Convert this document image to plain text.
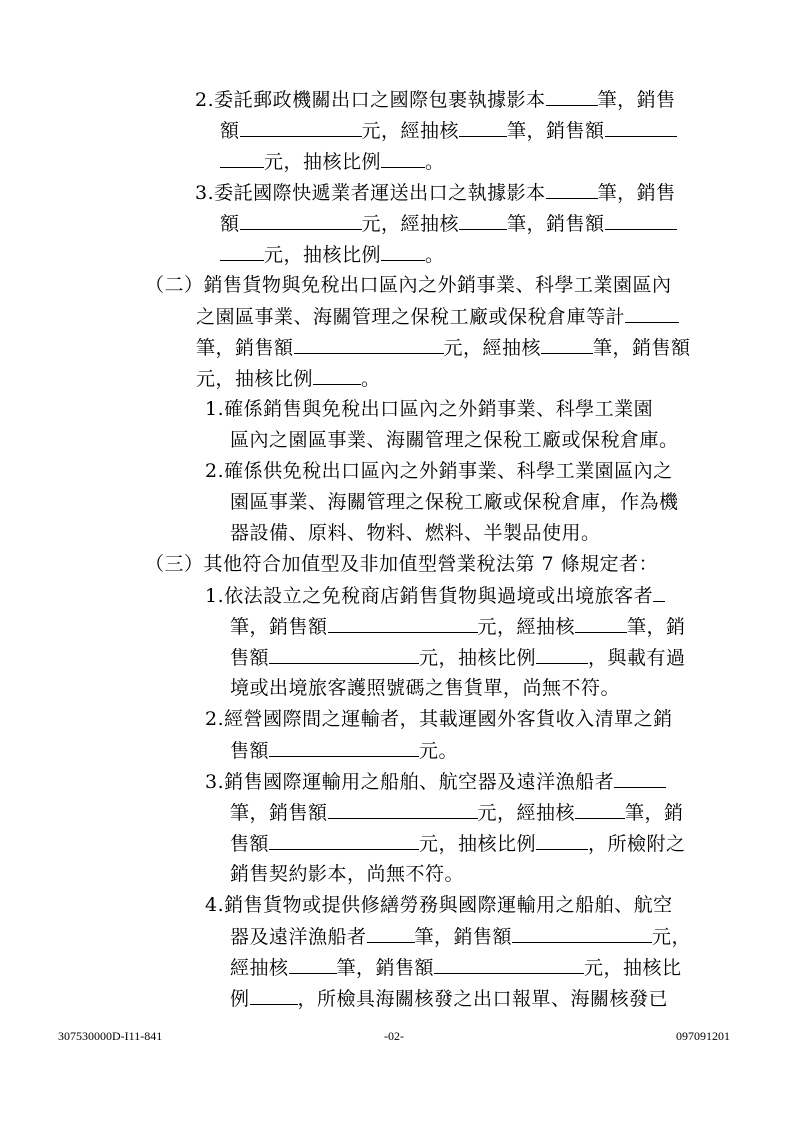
2.委託郵政機關出口之國際包裹執據影本	筆，銷售
額	元，經抽核	筆，銷售額
元，抽核比例 。
3.委託國際快遞業者運送出口之執據影本	筆，銷售
額	元，經抽核	筆，銷售額
元，抽核比例 。
（二）銷售貨物與免稅出口區內之外銷事業、科學工業園區內
之園區事業、海關管理之保稅工廠或保稅倉庫等計
筆，銷售額	元，經抽核	筆，銷售額
元，抽核比例	。
1.確係銷售與免稅出口區內之外銷事業、科學工業園
區內之園區事業、海關管理之保稅工廠或保稅倉庫。
2.確係供免稅出口區內之外銷事業、科學工業園區內之
園區事業、海關管理之保稅工廠或保稅倉庫，作為機
器設備、原料、物料、燃料、半製品使用。
（三）其他符合加值型及非加值型營業稅法第 7 條規定者：
1.依法設立之免稅商店銷售貨物與過境或出境旅客者
筆，銷售額	元，經抽核	筆，銷
售額	元，抽核比例	，與載有過
境或出境旅客護照號碼之售貨單，尚無不符。
2.經營國際間之運輸者，其載運國外客貨收入清單之銷
售額	元。
3.銷售國際運輸用之船舶、航空器及遠洋漁船者
筆，銷售額	元，經抽核	筆，銷
售額	元，抽核比例	，所檢附之
銷售契約影本，尚無不符。
4.銷售貨物或提供修繕勞務與國際運輸用之船舶、航空
器及遠洋漁船者	筆，銷售額	元，
經抽核	筆，銷售額	元，抽核比
例	，所檢具海關核發之出口報單、海關核發已
307530000D-I11-841	-02-	097091201
